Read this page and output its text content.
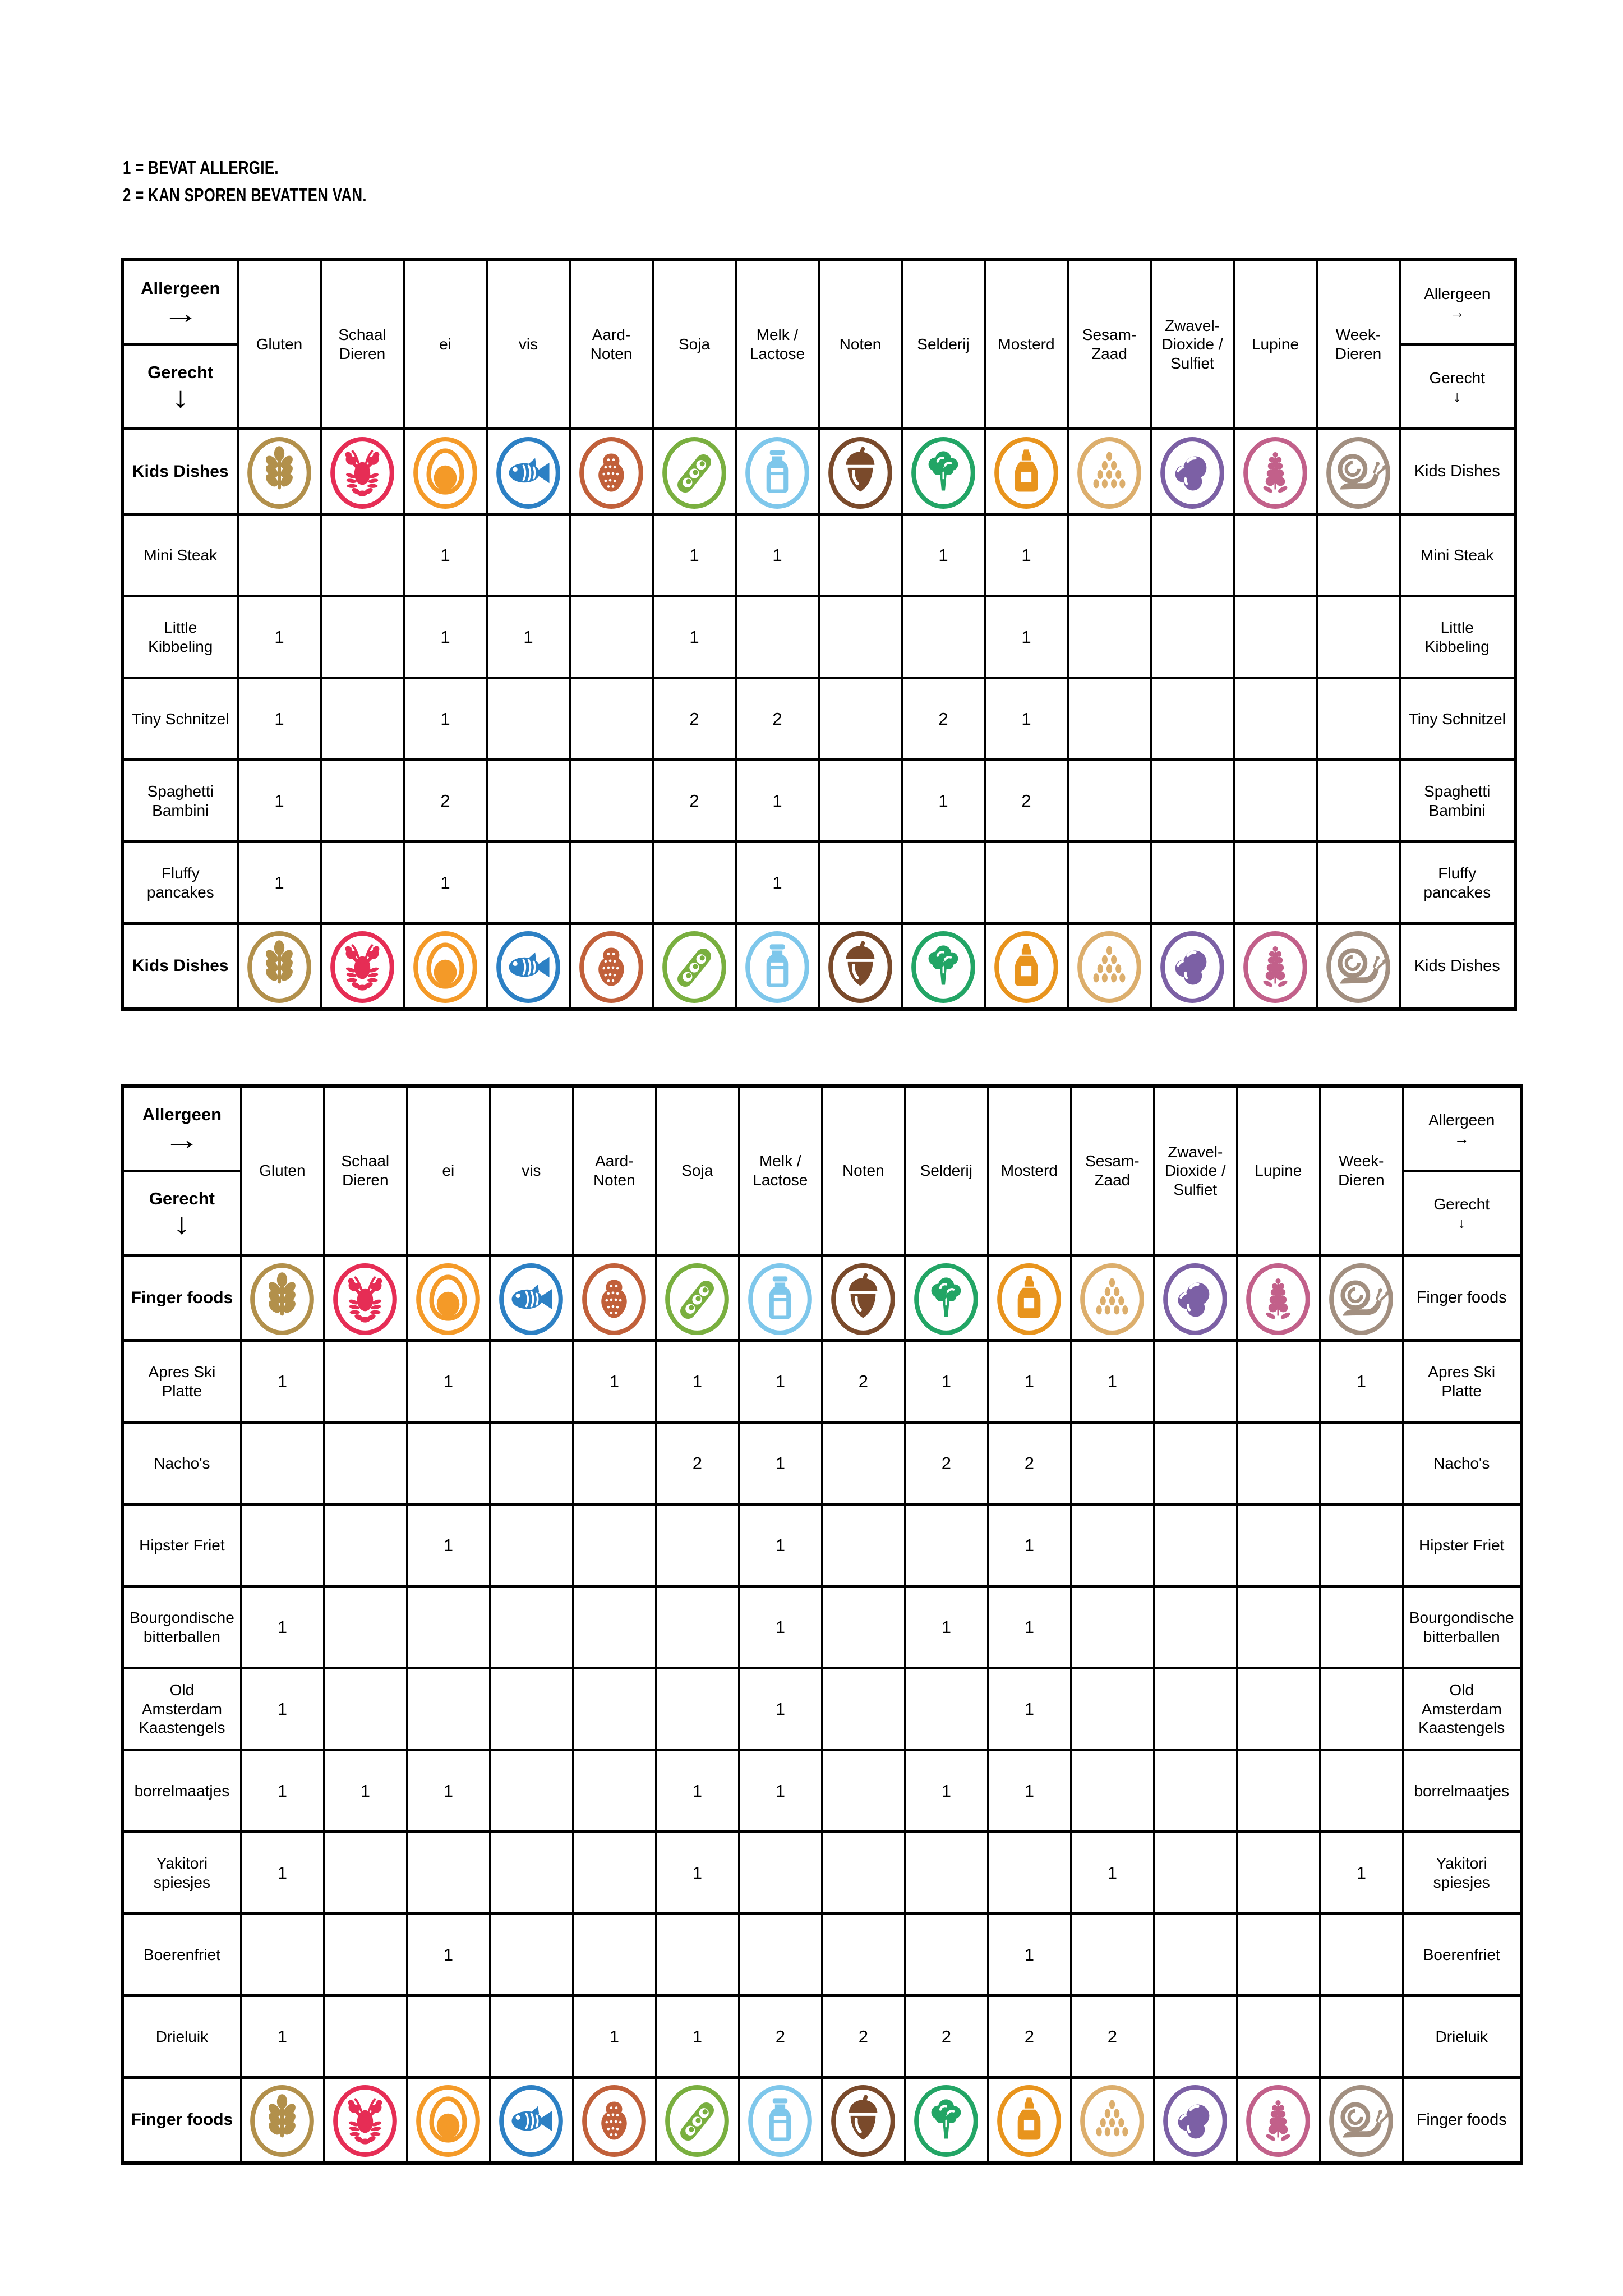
1 = BEVAT ALLERGIE.
2 = KAN SPOREN BEVATTEN VAN.
Allergeen
→
Gerecht
↓
	Gluten	Schaal Dieren	ei	vis	Aard-Noten	Soja	Melk / Lactose	Noten	Selderij	Mosterd	Sesam-Zaad	Zwavel-Dioxide / Sulfiet	Lupine	Week-Dieren	
Allergeen
→
Gerecht
↓

Kids Dishes															Kids Dishes
Mini Steak			1			1	1		1	1					Mini Steak
Little Kibbeling	1		1	1		1				1					Little Kibbeling
Tiny Schnitzel	1		1			2	2		2	1					Tiny Schnitzel
Spaghetti Bambini	1		2			2	1		1	2					Spaghetti Bambini
Fluffy pancakes	1		1				1								Fluffy pancakes
Kids Dishes															Kids Dishes
Allergeen
→
Gerecht
↓
	Gluten	Schaal Dieren	ei	vis	Aard-Noten	Soja	Melk / Lactose	Noten	Selderij	Mosterd	Sesam-Zaad	Zwavel-Dioxide / Sulfiet	Lupine	Week-Dieren	
Allergeen
→
Gerecht
↓

Finger foods															Finger foods
Apres Ski Platte	1		1		1	1	1	2	1	1	1			1	Apres Ski Platte
Nacho's						2	1		2	2					Nacho's
Hipster Friet			1				1			1					Hipster Friet
Bourgondische bitterballen	1						1		1	1					Bourgondische bitterballen
Old Amsterdam Kaastengels	1						1			1					Old Amsterdam Kaastengels
borrelmaatjes	1	1	1			1	1		1	1					borrelmaatjes
Yakitori spiesjes	1					1					1			1	Yakitori spiesjes
Boerenfriet			1							1					Boerenfriet
Drieluik	1				1	1	2	2	2	2	2				Drieluik
Finger foods															Finger foods
